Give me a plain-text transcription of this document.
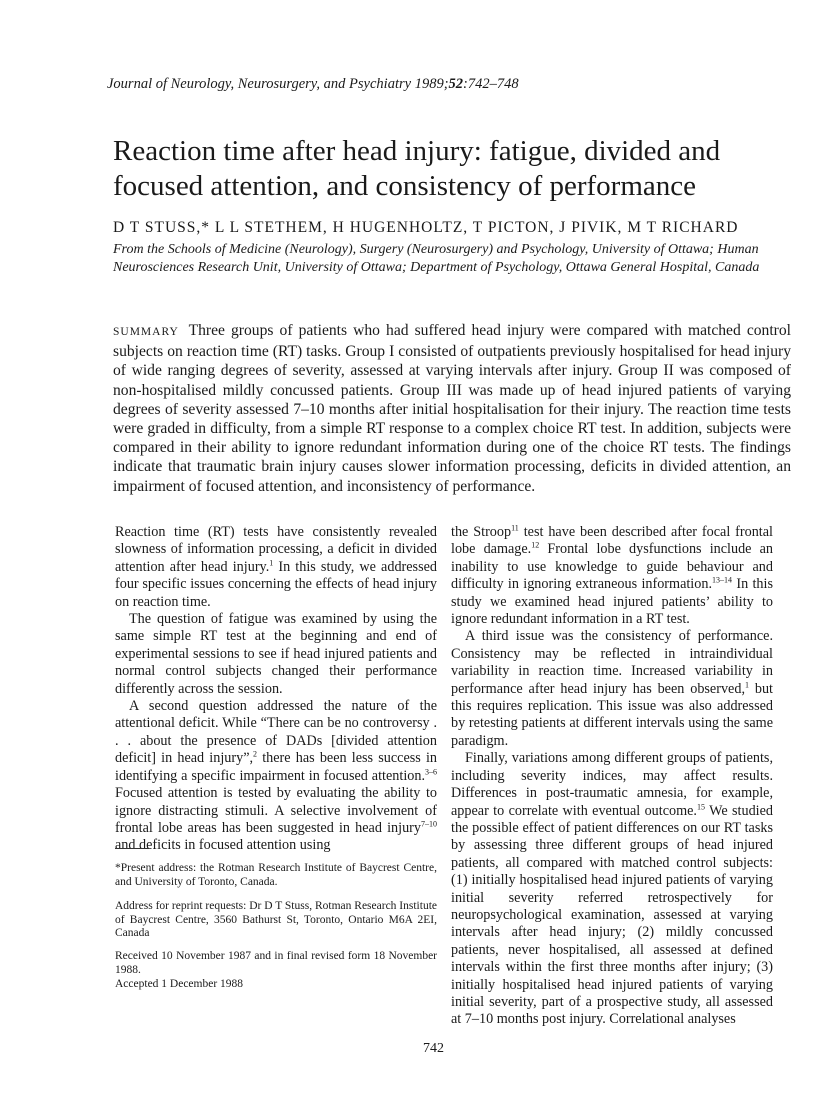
Journal of Neurology, Neurosurgery, and Psychiatry 1989;52:742–748
Reaction time after head injury: fatigue, divided and focused attention, and consistency of performance
D T STUSS,* L L STETHEM, H HUGENHOLTZ, T PICTON, J PIVIK, M T RICHARD
From the Schools of Medicine (Neurology), Surgery (Neurosurgery) and Psychology, University of Ottawa; Human Neurosciences Research Unit, University of Ottawa; Department of Psychology, Ottawa General Hospital, Canada
SUMMARY Three groups of patients who had suffered head injury were compared with matched control subjects on reaction time (RT) tasks. Group I consisted of outpatients previously hospitalised for head injury of wide ranging degrees of severity, assessed at varying intervals after injury. Group II was composed of non-hospitalised mildly concussed patients. Group III was made up of head injured patients of varying degrees of severity assessed 7–10 months after initial hospitalisation for their injury. The reaction time tests were graded in difficulty, from a simple RT response to a complex choice RT test. In addition, subjects were compared in their ability to ignore redundant information during one of the choice RT tests. The findings indicate that traumatic brain injury causes slower information processing, deficits in divided attention, an impairment of focused attention, and inconsistency of performance.

Reaction time (RT) tests have consistently revealed slowness of information processing, a deficit in divided attention after head injury.$^1$ In this study, we addressed four specific issues concerning the effects of head injury on reaction time.

The question of fatigue was examined by using the same simple RT test at the beginning and end of experimental sessions to see if head injured patients and normal control subjects changed their performance differently across the session.

A second question addressed the nature of the attentional deficit. While “There can be no controversy . . . about the presence of DADs [divided attention deficit] in head injury”,$^2$ there has been less success in identifying a specific impairment in focused attention.$^{3-6}$ Focused attention is tested by evaluating the ability to ignore distracting stimuli. A selective involvement of frontal lobe areas has been suggested in head injury$^{7-10}$ and deficits in focused attention using

*Present address: the Rotman Research Institute of Baycrest Centre, and University of Toronto, Canada.

Address for reprint requests: Dr D T Stuss, Rotman Research Institute of Baycrest Centre, 3560 Bathurst St, Toronto, Ontario M6A 2EI, Canada

Received 10 November 1987 and in final revised form 18 November 1988.

Accepted 1 December 1988

the Stroop$^{11}$ test have been described after focal frontal lobe damage.$^{12}$ Frontal lobe dysfunctions include an inability to use knowledge to guide behaviour and difficulty in ignoring extraneous information.$^{13-14}$ In this study we examined head injured patients’ ability to ignore redundant information in a RT test.

A third issue was the consistency of performance. Consistency may be reflected in intraindividual variability in reaction time. Increased variability in performance after head injury has been observed,$^1$ but this requires replication. This issue was also addressed by retesting patients at different intervals using the same paradigm.

Finally, variations among different groups of patients, including severity indices, may affect results. Differences in post-traumatic amnesia, for example, appear to correlate with eventual outcome.$^{15}$ We studied the possible effect of patient differences on our RT tasks by assessing three different groups of head injured patients, all compared with matched control subjects: (1) initially hospitalised head injured patients of varying initial severity referred retrospectively for neuropsychological examination, assessed at varying intervals after head injury; (2) mildly concussed patients, never hospitalised, all assessed at defined intervals within the first three months after injury; (3) initially hospitalised head injured patients of varying initial severity, part of a prospective study, all assessed at 7–10 months post injury. Correlational analyses

742
